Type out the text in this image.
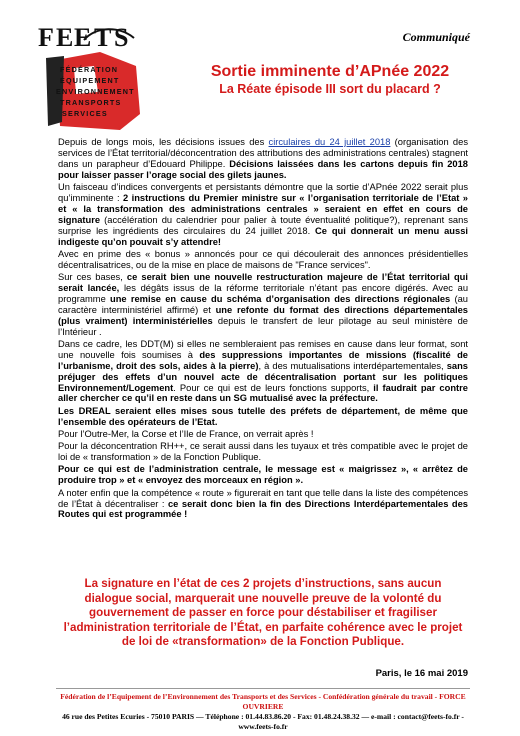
F E E T S
FÉDÉRATION
ÉQUIPEMENT
ENVIRONNEMENT
TRANSPORTS
SERVICES
Communiqué
Sortie imminente d’APnée 2022
La Réate épisode III sort du placard ?

Depuis de longs mois, les décisions issues des circulaires du 24 juillet 2018 (organisation des services de l’État territorial/déconcentration des attributions des administrations centrales) stagnent dans un parapheur d’Edouard Philippe. Décisions laissées dans les cartons depuis fin 2018 pour laisser passer l’orage social des gilets jaunes.

Un faisceau d’indices convergents et persistants démontre que la sortie d’APnée 2022 serait plus qu’imminente : 2 instructions du Premier ministre sur « l’organisation territoriale de l’Etat » et « la transformation des administrations centrales » seraient en effet en cours de signature (accélération du calendrier pour palier à toute éventualité politique?), reprenant sans surprise les ingrédients des circulaires du 24 juillet 2018. Ce qui donnerait un menu aussi indigeste qu’on pouvait s’y attendre!

Avec en prime des « bonus » annoncés pour ce qui découlerait des annonces présidentielles décentralisatrices, ou de la mise en place de maisons de "France services".

Sur ces bases, ce serait bien une nouvelle restructuration majeure de l’État territorial qui serait lancée, les dégâts issus de la réforme territoriale n’étant pas encore digérés. Avec au programme une remise en cause du schéma d’organisation des directions régionales (au caractère interministériel affirmé) et une refonte du format des directions départementales (plus vraiment) interministérielles depuis le transfert de leur pilotage au seul ministère de l’Intérieur .

Dans ce cadre, les DDT(M) si elles ne sembleraient pas remises en cause dans leur format, sont une nouvelle fois soumises à des suppressions importantes de missions (fiscalité de l’urbanisme, droit des sols, aides à la pierre), à des mutualisations interdépartementales, sans préjuger des effets d’un nouvel acte de décentralisation portant sur les politiques Environnement/Logement. Pour ce qui est de leurs fonctions supports, il faudrait par contre aller chercher ce qu’il en reste dans un SG mutualisé avec la préfecture.

Les DREAL seraient elles mises sous tutelle des préfets de département, de même que l’ensemble des opérateurs de l’Etat.

Pour l’Outre-Mer, la Corse et l’Ile de France, on verrait après !

Pour la déconcentration RH++, ce serait aussi dans les tuyaux et très compatible avec le projet de loi de « transformation » de la Fonction Publique.

Pour ce qui est de l’administration centrale, le message est « maigrissez », « arrêtez de produire trop » et « envoyez des morceaux en région ».

A noter enfin que la compétence « route » figurerait en tant que telle dans la liste des compétences de l’État à décentraliser : ce serait donc bien la fin des Directions Interdépartementales des Routes qui est programmée !

La signature en l’état de ces 2 projets d’instructions, sans aucun dialogue social, marquerait une nouvelle preuve de la volonté du gouvernement de passer en force pour déstabiliser et fragiliser l’administration territoriale de l’État, en parfaite cohérence avec le projet de loi de «transformation» de la Fonction Publique.
Paris, le 16 mai 2019
Fédération de l’Equipement de l’Environnement des Transports et des Services - Confédération générale du travail - FORCE OUVRIERE
46 rue des Petites Ecuries - 75010 PARIS — Téléphone : 01.44.83.86.20 - Fax: 01.48.24.38.32 — e-mail : contact@feets-fo.fr - www.feets-fo.fr
